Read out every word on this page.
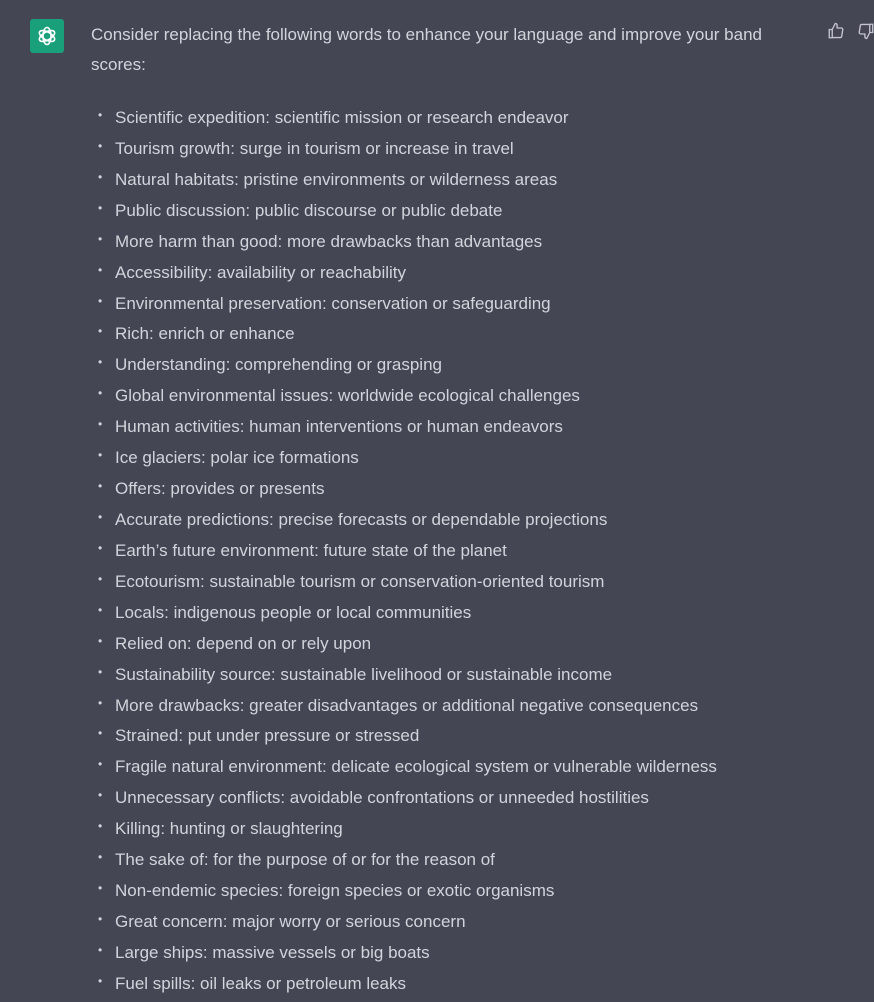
Consider replacing the following words to enhance your language and improve your band scores:

• Scientific expedition: scientific mission or research endeavor
• Tourism growth: surge in tourism or increase in travel
• Natural habitats: pristine environments or wilderness areas
• Public discussion: public discourse or public debate
• More harm than good: more drawbacks than advantages
• Accessibility: availability or reachability
• Environmental preservation: conservation or safeguarding
• Rich: enrich or enhance
• Understanding: comprehending or grasping
• Global environmental issues: worldwide ecological challenges
• Human activities: human interventions or human endeavors
• Ice glaciers: polar ice formations
• Offers: provides or presents
• Accurate predictions: precise forecasts or dependable projections
• Earth’s future environment: future state of the planet
• Ecotourism: sustainable tourism or conservation-oriented tourism
• Locals: indigenous people or local communities
• Relied on: depend on or rely upon
• Sustainability source: sustainable livelihood or sustainable income
• More drawbacks: greater disadvantages or additional negative consequences
• Strained: put under pressure or stressed
• Fragile natural environment: delicate ecological system or vulnerable wilderness
• Unnecessary conflicts: avoidable confrontations or unneeded hostilities
• Killing: hunting or slaughtering
• The sake of: for the purpose of or for the reason of
• Non-endemic species: foreign species or exotic organisms
• Great concern: major worry or serious concern
• Large ships: massive vessels or big boats
• Fuel spills: oil leaks or petroleum leaks
